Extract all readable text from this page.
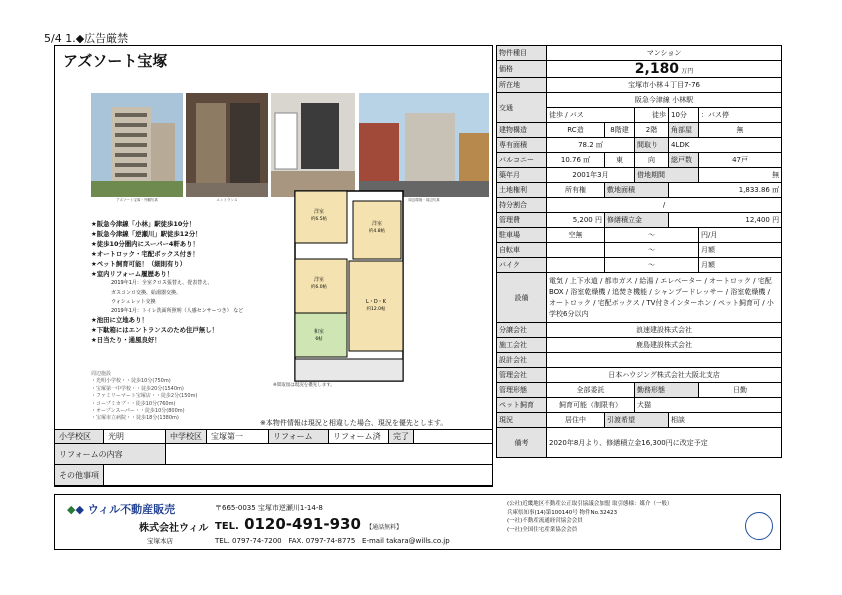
5/4 1.◆広告厳禁
アズソート宝塚
アズソート宝塚・外観写真	エントランス	周辺環境・周辺写真
★阪急今津線「小林」駅徒歩10分！
★阪急今津線「逆瀬川」駅徒歩12分！
★徒歩10分圏内にスーパー4軒あり！
★オートロック・宅配ボックス付き！
★ペット飼育可能！（細則有り）
★室内リフォーム履歴あり！
2019年1月：全室クロス張替え、畳表替え、
ガスコンロ交換、給湯器交換、
ウォシュレット交換
2019年1月：トイレ洗面所照明（人感センサーつき） など
★池田に立地あり！
★下駄箱にはエントランスのため住戸無し！
★日当たり・通風良好！
周辺施設
・光明小学校・・徒歩10分(750m)
・宝塚第一中学校・・徒歩20分(1540m)
・ファミリーマート宝塚店・・徒歩2分(150m)
・コープミカブ・・徒歩10分(760m)
・オープンスーパー・・徒歩10分(800m)
・宝塚市立病院・・徒歩18分(1380m)
洋室
約6.5帖
洋室
約4.8帖
洋室
約6.0帖
L・D・K
約12.0帖
和室
6帖
※間取図は現況を優先します。
※本物件情報は現況と相違した場合、現況を優先とします。
小学校区	光明	中学校区	宝塚第一	リフォーム	リフォーム済	完了	
リフォームの内容							
その他事項							
物件種目	マンション				
価格	2,180 万円				
所在地	宝塚市小林４丁目7-76				
交通	阪急今津線 小林駅				
	徒歩 / バス		徒歩	10分	：バス停
建物構造	RC造	8階建	2階	角部屋	無
専有面積	78.2 ㎡		間取り	4LDK	
バルコニー	10.76 ㎡	東	向	総戸数	47戸
築年月	2001年3月		借地期間		無
土地権利	所有権	敷地面積		1,833.86 ㎡	
持分割合	/				
管理費	5,200 円	修繕積立金		12,400 円	
駐車場	空無	～			円/月
自転車		～			月額
バイク		～			月額
設備	電気 / 上下水道 / 都市ガス / 給湯 / エレベーター / オートロック / 宅配BOX / 浴室乾燥機 / 追焚き機能 / シャンプードレッサー / 浴室乾燥機 / オートロック / 宅配ボックス / TV付きインターホン / ペット飼育可 / 小学校6分以内				
分譲会社	浪速建設株式会社				
施工会社	鹿島建設株式会社				
設計会社					
管理会社	日本ハウジング株式会社大阪北支店				
管理形態	全部委託		勤務形態		日勤
ペット飼育	飼育可能（制限有）		犬猫		
現況	居住中	引渡希望		相談	
備考	2020年8月より、修繕積立金16,300円に改定予定				
◆◆ ウィル不動産販売
株式会社ウィル
宝塚本店
〒665-0035 宝塚市逆瀬川1-14-8
TEL. 0120-491-930 【通話無料】
TEL. 0797-74-7200 FAX. 0797-74-8775 E-mail takara@wills.co.jp
(公社)近畿地区不動産公正取引協議会加盟 取引態様：媒介（一般）
兵庫県知事(14)第100140号 物件No.32423
(一社)不動産流通経営協会会員
(一社)全国住宅産業協会会員
